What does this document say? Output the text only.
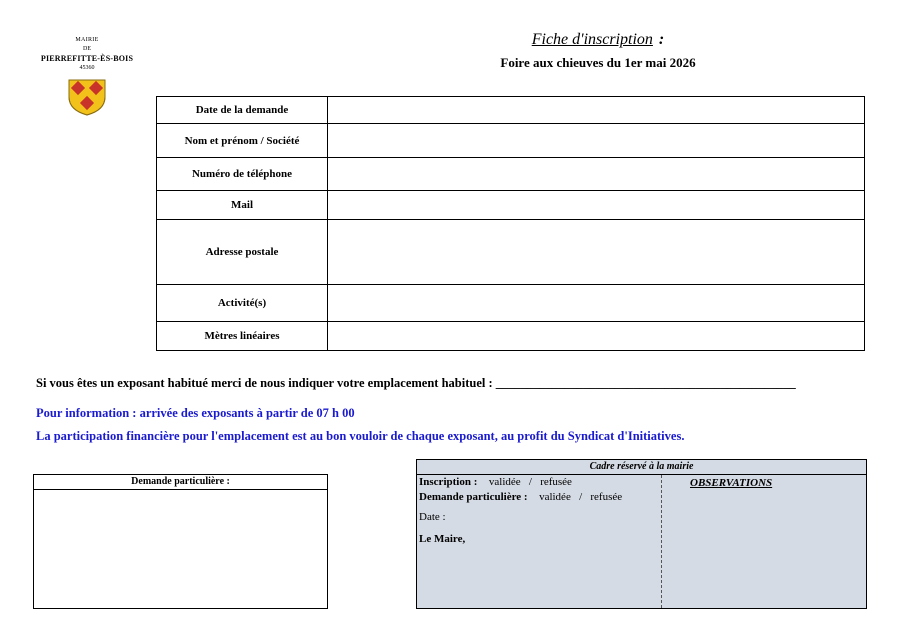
MAIRIE
DE
PIERREFITTE-ÈS-BOIS
45360
Fiche d'inscription :
Foire aux chieuves du 1er mai 2026
Date de la demande	
Nom et prénom / Société	
Numéro de téléphone	
Mail	
Adresse postale	
Activité(s)	
Mètres linéaires	
Si vous êtes un exposant habitué merci de nous indiquer votre emplacement habituel : ________________________________________________
Pour information : arrivée des exposants à partir de 07 h 00
La participation financière pour l'emplacement est au bon vouloir de chaque exposant, au profit du Syndicat d'Initiatives.
Demande particulière :
Cadre réservé à la mairie
Inscription : validée   /   refusée
Demande particulière : validée   /   refusée
Date :
Le Maire,
OBSERVATIONS
